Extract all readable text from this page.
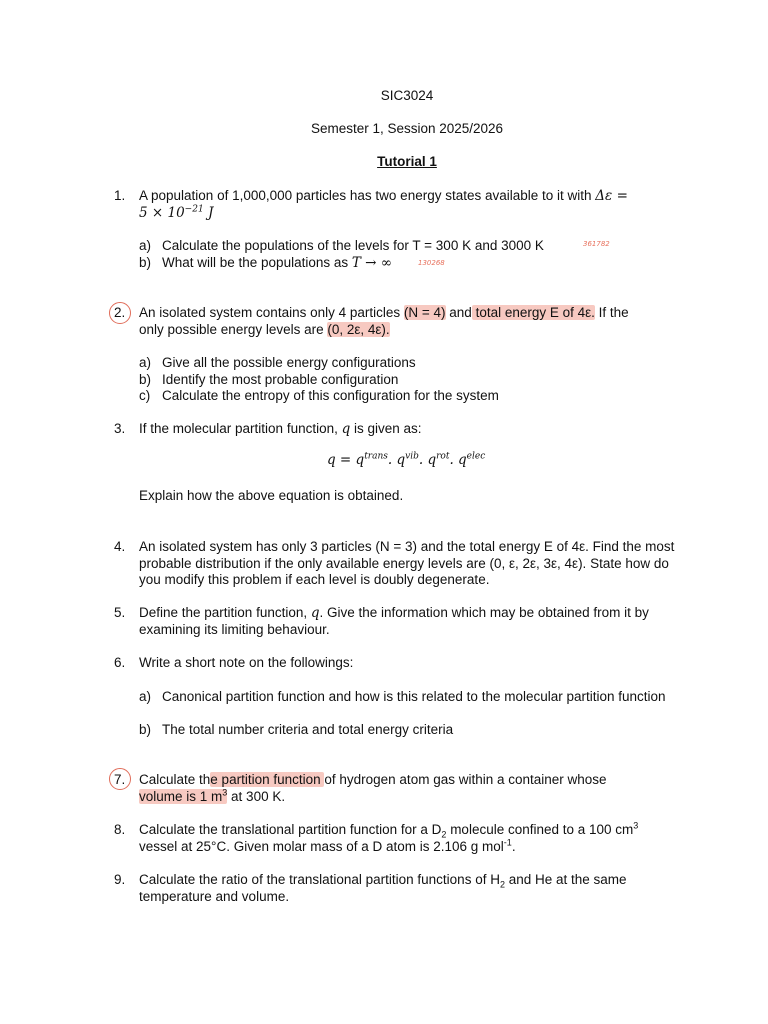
SIC3024
Semester 1, Session 2025/2026
Tutorial 1
1.	A population of 1,000,000 particles has two energy states available to it with Δε =
$5 \times 10^{-21}$ J
a) Calculate the populations of the levels for T = 300 K and 3000 K	361782
b) What will be the populations as T → ∞	130268
2.	An isolated system contains only 4 particles (N = 4) and total energy E of 4ε. If the
only possible energy levels are (0, 2ε, 4ε).
a) Give all the possible energy configurations
b) Identify the most probable configuration
c) Calculate the entropy of this configuration for the system
3.	If the molecular partition function, q is given as:
$q = q^{trans}$. $q^{vib}$. $q^{rot}$. $q^{elec}$
Explain how the above equation is obtained.
4.	An isolated system has only 3 particles (N = 3) and the total energy E of 4ε. Find the most probable distribution if the only available energy levels are (0, ε, 2ε, 3ε, 4ε). State how do you modify this problem if each level is doubly degenerate.
5.	Define the partition function, q. Give the information which may be obtained from it by examining its limiting behaviour.
6.	Write a short note on the followings:
a) Canonical partition function and how is this related to the molecular partition function
b) The total number criteria and total energy criteria
7.	Calculate the partition function of hydrogen atom gas within a container whose
volume is 1 $m^3$ at 300 K.
8.	Calculate the translational partition function for a $D_2$ molecule confined to a 100 $cm^3$
vessel at 25°C. Given molar mass of a D atom is 2.106 g mol$^{-1}$.
9.	Calculate the ratio of the translational partition functions of $H_2$ and He at the same
temperature and volume.
